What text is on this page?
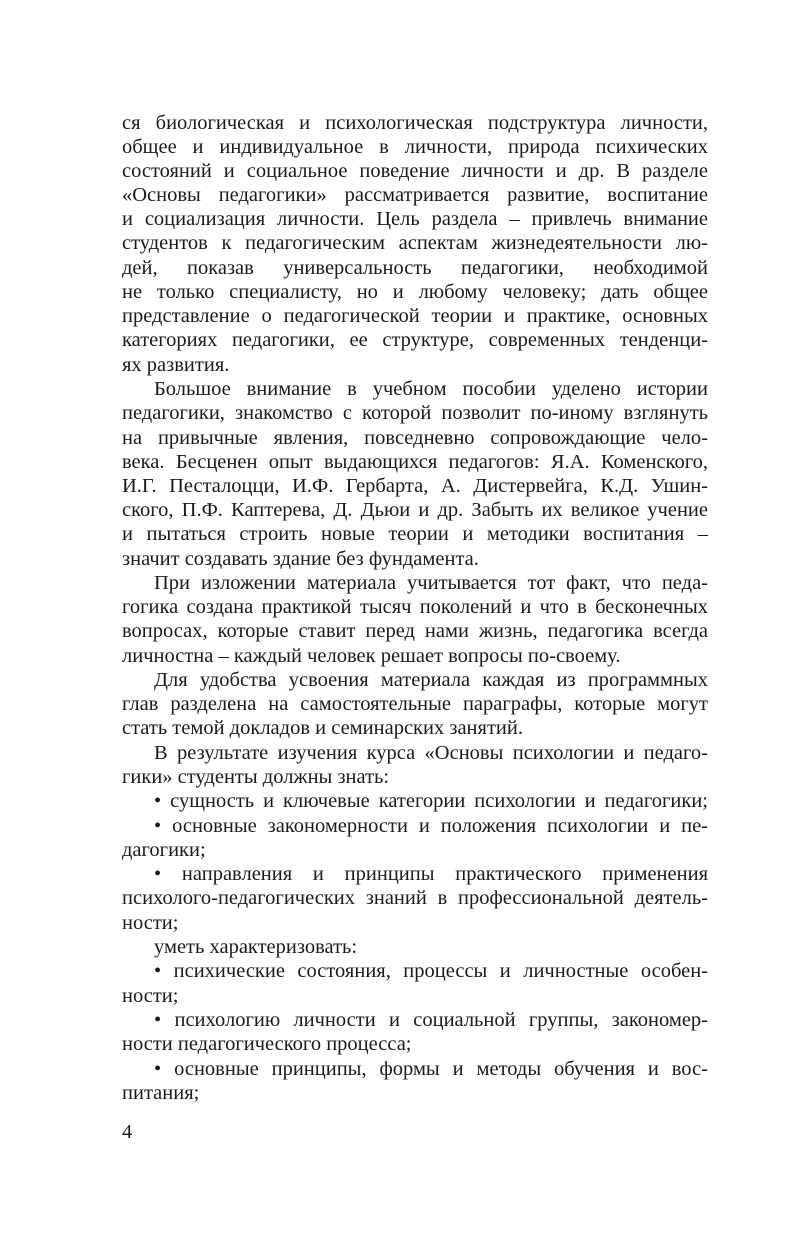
ся биологическая и психологическая подструктура личности,
общее и индивидуальное в личности, природа психических
состояний и социальное поведение личности и др. В разделе
«Основы педагогики» рассматривается развитие, воспитание
и социализация личности. Цель раздела – привлечь внимание
студентов к педагогическим аспектам жизнедеятельности лю-
дей, показав универсальность педагогики, необходимой
не только специалисту, но и любому человеку; дать общее
представление о педагогической теории и практике, основных
категориях педагогики, ее структуре, современных тенденци-
ях развития.
Большое внимание в учебном пособии уделено истории
педагогики, знакомство с которой позволит по-иному взглянуть
на привычные явления, повседневно сопровождающие чело-
века. Бесценен опыт выдающихся педагогов: Я.А. Коменского,
И.Г. Песталоцци, И.Ф. Гербарта, А. Дистервейга, К.Д. Ушин-
ского, П.Ф. Каптерева, Д. Дьюи и др. Забыть их великое учение
и пытаться строить новые теории и методики воспитания –
значит создавать здание без фундамента.
При изложении материала учитывается тот факт, что педа-
гогика создана практикой тысяч поколений и что в бесконечных
вопросах, которые ставит перед нами жизнь, педагогика всегда
личностна – каждый человек решает вопросы по-своему.
Для удобства усвоения материала каждая из программных
глав разделена на самостоятельные параграфы, которые могут
стать темой докладов и семинарских занятий.
В результате изучения курса «Основы психологии и педаго-
гики» студенты должны знать:
• сущность и ключевые категории психологии и педагогики;
• основные закономерности и положения психологии и пе-
дагогики;
• направления и принципы практического применения
психолого-педагогических знаний в профессиональной деятель-
ности;
уметь характеризовать:
• психические состояния, процессы и личностные особен-
ности;
• психологию личности и социальной группы, закономер-
ности педагогического процесса;
• основные принципы, формы и методы обучения и вос-
питания;
4
